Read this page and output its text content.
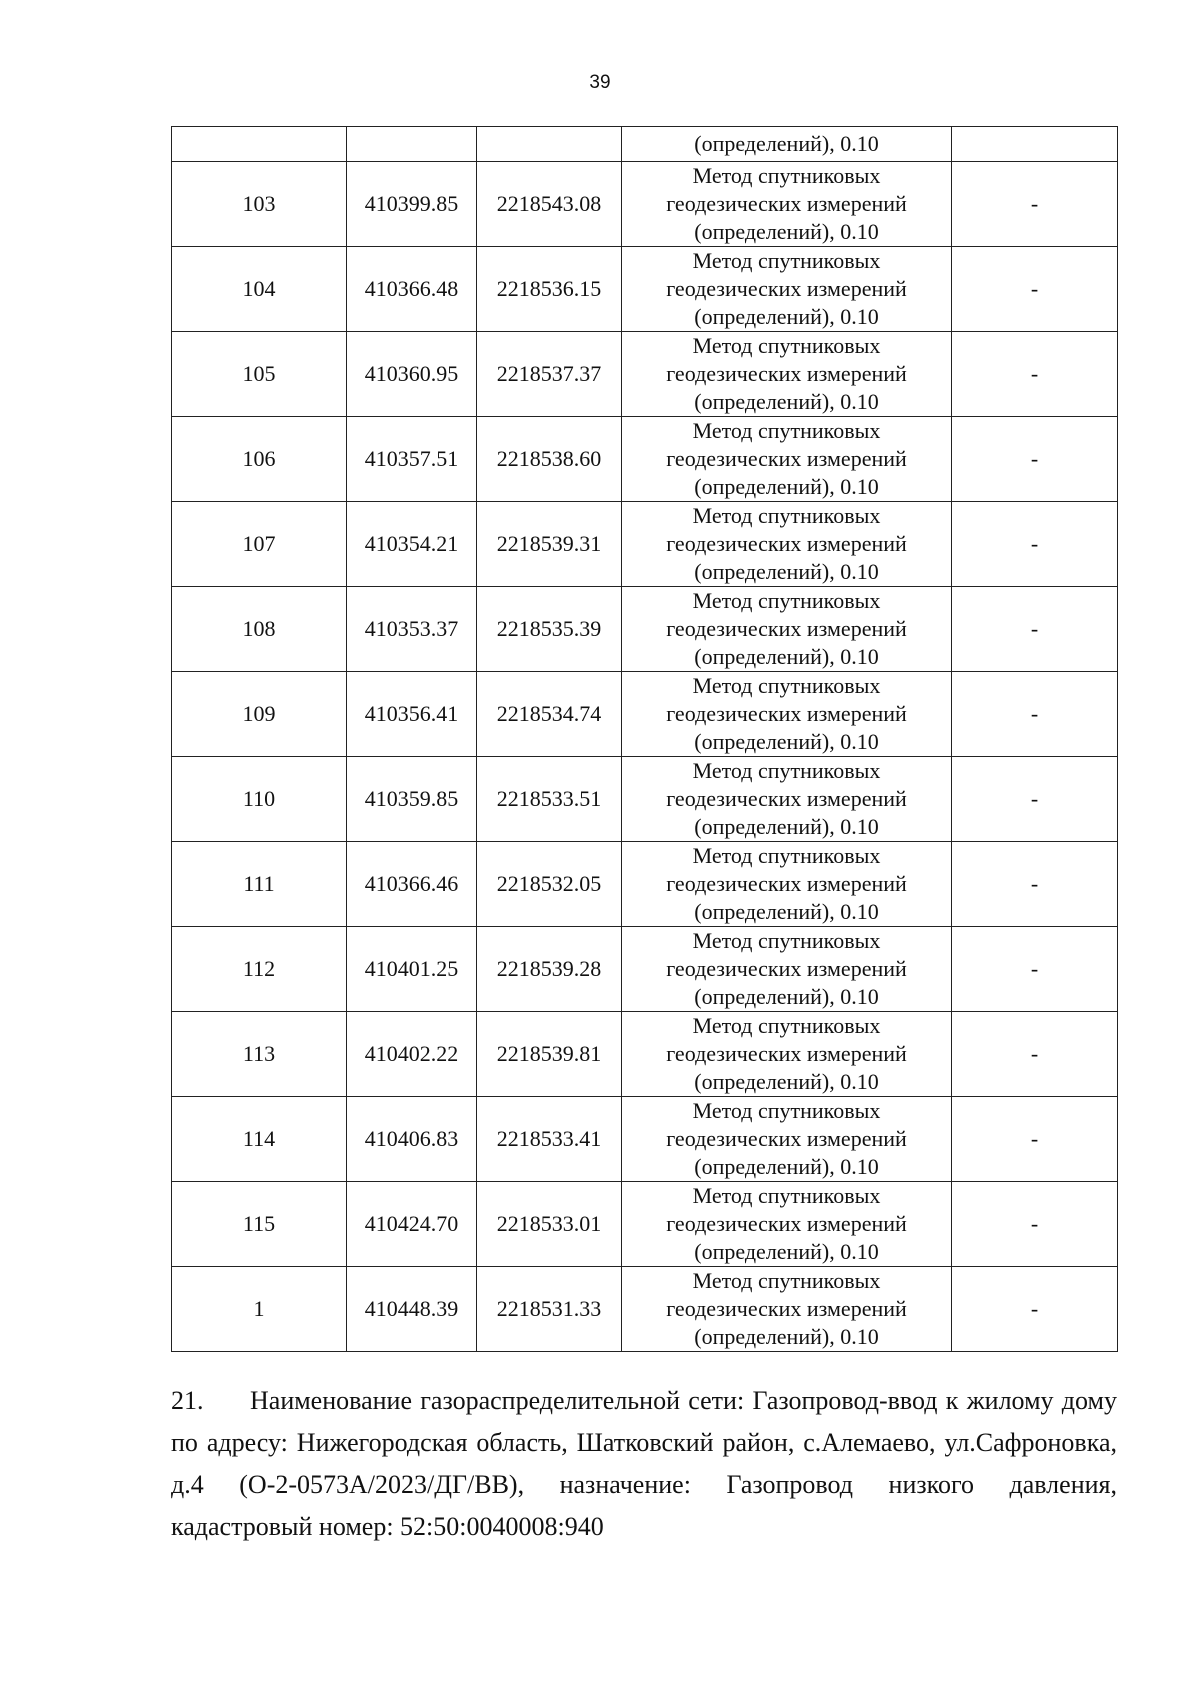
39
			(определений), 0.10	
103	410399.85	2218543.08	Метод спутниковых
геодезических измерений
(определений), 0.10	-
104	410366.48	2218536.15	Метод спутниковых
геодезических измерений
(определений), 0.10	-
105	410360.95	2218537.37	Метод спутниковых
геодезических измерений
(определений), 0.10	-
106	410357.51	2218538.60	Метод спутниковых
геодезических измерений
(определений), 0.10	-
107	410354.21	2218539.31	Метод спутниковых
геодезических измерений
(определений), 0.10	-
108	410353.37	2218535.39	Метод спутниковых
геодезических измерений
(определений), 0.10	-
109	410356.41	2218534.74	Метод спутниковых
геодезических измерений
(определений), 0.10	-
110	410359.85	2218533.51	Метод спутниковых
геодезических измерений
(определений), 0.10	-
111	410366.46	2218532.05	Метод спутниковых
геодезических измерений
(определений), 0.10	-
112	410401.25	2218539.28	Метод спутниковых
геодезических измерений
(определений), 0.10	-
113	410402.22	2218539.81	Метод спутниковых
геодезических измерений
(определений), 0.10	-
114	410406.83	2218533.41	Метод спутниковых
геодезических измерений
(определений), 0.10	-
115	410424.70	2218533.01	Метод спутниковых
геодезических измерений
(определений), 0.10	-
1	410448.39	2218531.33	Метод спутниковых
геодезических измерений
(определений), 0.10	-
21. Наименование газораспределительной сети: Газопровод-ввод к жилому дому по адресу: Нижегородская область, Шатковский район, с.Алемаево, ул.Сафроновка, д.4 (О-2-0573А/2023/ДГ/ВВ), назначение: Газопровод низкого давления, кадастровый номер: 52:50:0040008:940
